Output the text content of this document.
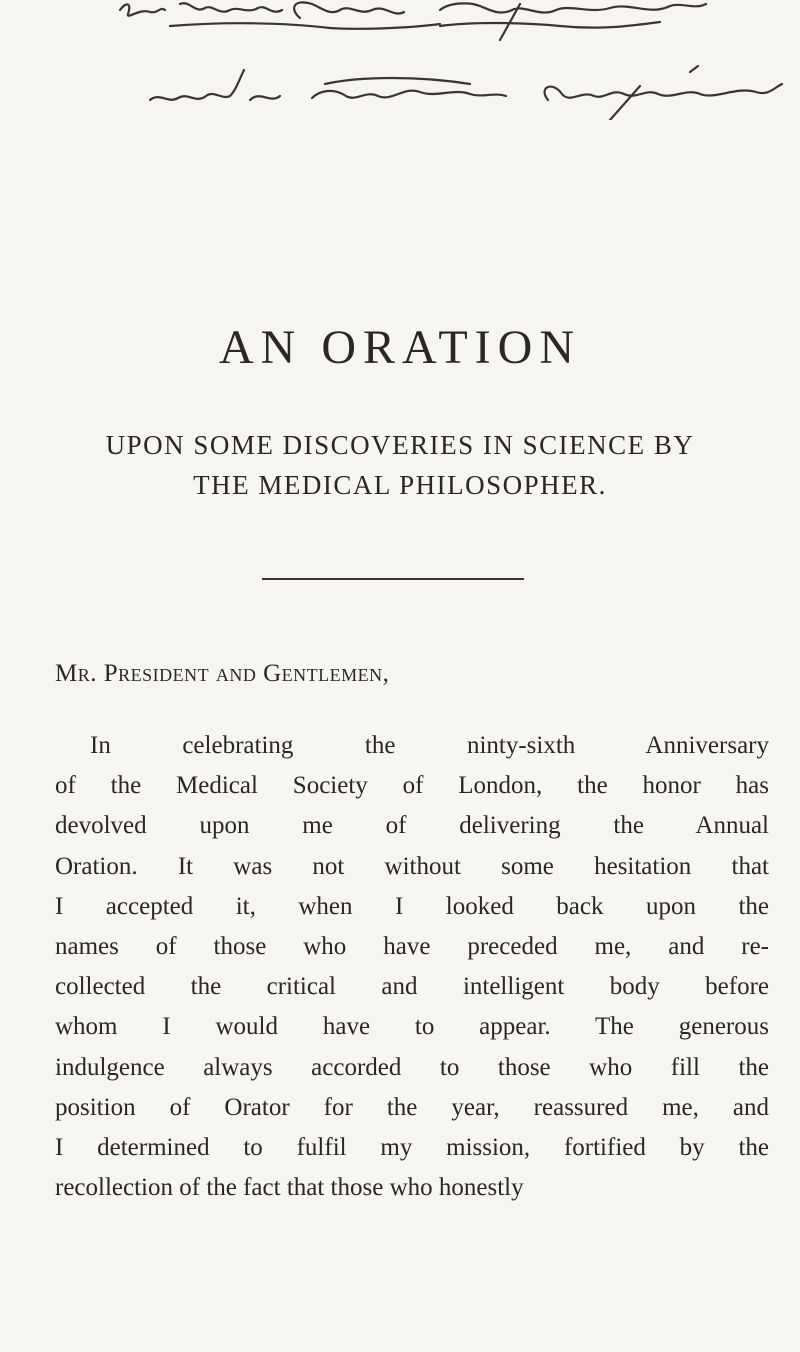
AN ORATION
UPON SOME DISCOVERIES IN SCIENCE BY
THE MEDICAL PHILOSOPHER.
Mr. President and Gentlemen,
In celebrating the ninty-sixth Anniversary
of the Medical Society of London, the honor has
devolved upon me of delivering the Annual
Oration. It was not without some hesitation that
I accepted it, when I looked back upon the
names of those who have preceded me, and re-
collected the critical and intelligent body before
whom I would have to appear. The generous
indulgence always accorded to those who fill the
position of Orator for the year, reassured me, and
I determined to fulfil my mission, fortified by the
recollection of the fact that those who honestly
